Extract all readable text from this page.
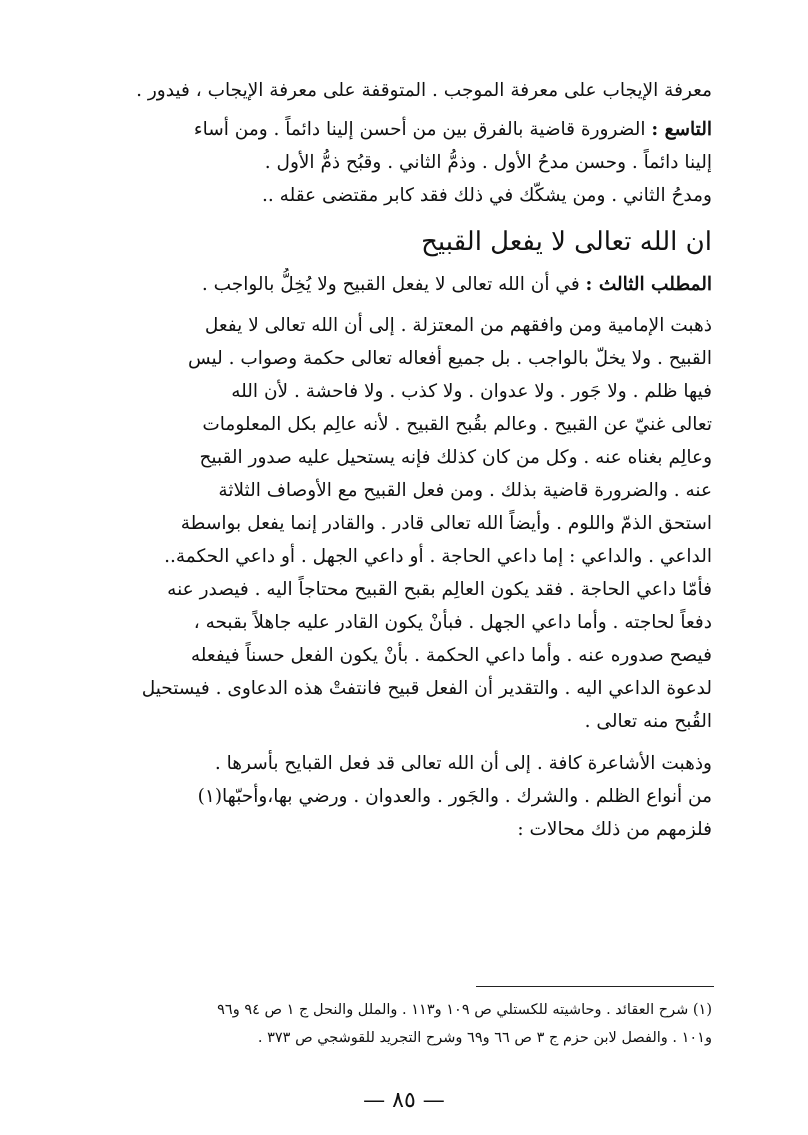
معرفة الإيجاب على معرفة الموجب . المتوقفة على معرفة الإيجاب ، فيدور .
التاسع : الضرورة قاضية بالفرق بين من أحسن إلينا دائماً . ومن أساء
إلينا دائماً . وحسن مدحُ الأول . وذمُّ الثاني . وقبُح ذمُّ الأول .
ومدحُ الثاني . ومن يشكّك في ذلك فقد كابر مقتضى عقله ..
ان الله تعالى لا يفعل القبيح
المطلب الثالث : في أن الله تعالى لا يفعل القبيح ولا يُخِلُّ بالواجب .
ذهبت الإمامية ومن وافقهم من المعتزلة . إلى أن الله تعالى لا يفعل
القبيح . ولا يخلّ بالواجب . بل جميع أفعاله تعالى حكمة وصواب . ليس
فيها ظلم . ولا جَور . ولا عدوان . ولا كذب . ولا فاحشة . لأن الله
تعالى غنيّ عن القبيح . وعالم بقُبح القبيح . لأنه عالِم بكل المعلومات
وعالِم بغناه عنه . وكل من كان كذلك فإنه يستحيل عليه صدور القبيح
عنه . والضرورة قاضية بذلك . ومن فعل القبيح مع الأوصاف الثلاثة
استحق الذمّ واللوم . وأيضاً الله تعالى قادر . والقادر إنما يفعل بواسطة
الداعي . والداعي : إما داعي الحاجة . أو داعي الجهل . أو داعي الحكمة..
فأمّا داعي الحاجة . فقد يكون العالِم بقبح القبيح محتاجاً اليه . فيصدر عنه
دفعاً لحاجته . وأما داعي الجهل . فبأنْ يكون القادر عليه جاهلاً بقبحه ،
فيصح صدوره عنه . وأما داعي الحكمة . بأنْ يكون الفعل حسناً فيفعله
لدعوة الداعي اليه . والتقدير أن الفعل قبيح فانتفتْ هذه الدعاوى . فيستحيل
القُبح منه تعالى .
وذهبت الأشاعرة كافة . إلى أن الله تعالى قد فعل القبايح بأسرها .
من أنواع الظلم . والشرك . والجَور . والعدوان . ورضي بها،وأحبّها(١)
فلزمهم من ذلك محالات :
(١) شرح العقائد . وحاشيته للكستلي ص ١٠٩ و١١٣ . والملل والنحل ج ١ ص ٩٤ و٩٦
و١٠١ . والفصل لابن حزم ج ٣ ص ٦٦ و٦٩ وشرح التجريد للقوشجي ص ٣٧٣ .
— ٨٥ —
